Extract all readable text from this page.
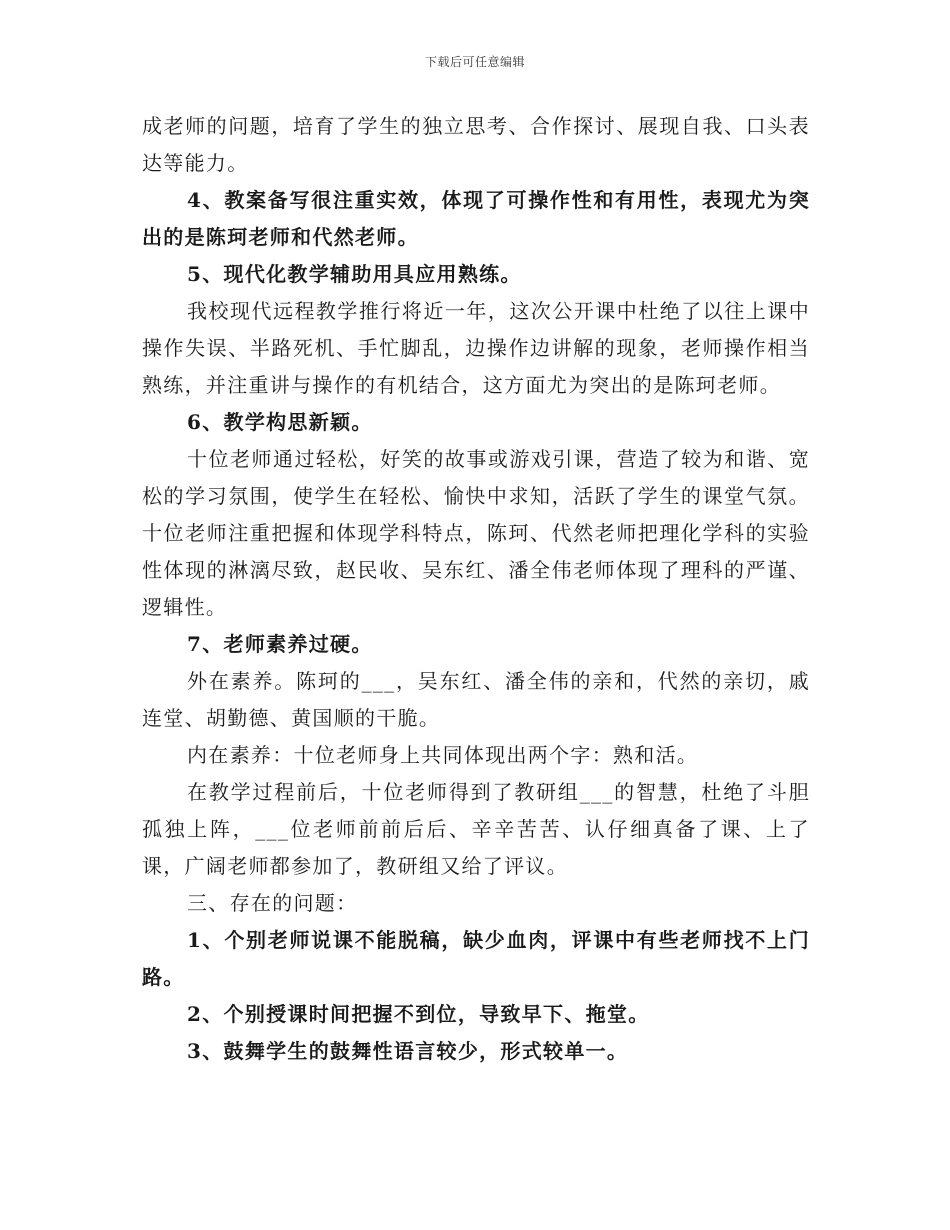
下载后可任意编辑

成老师的问题，培育了学生的独立思考、合作探讨、展现自我、口头表达等能力。

4、教案备写很注重实效，体现了可操作性和有用性，表现尤为突出的是陈珂老师和代然老师。

5、现代化教学辅助用具应用熟练。

我校现代远程教学推行将近一年，这次公开课中杜绝了以往上课中操作失误、半路死机、手忙脚乱，边操作边讲解的现象，老师操作相当熟练，并注重讲与操作的有机结合，这方面尤为突出的是陈珂老师。

6、教学构思新颖。

十位老师通过轻松，好笑的故事或游戏引课，营造了较为和谐、宽松的学习氛围，使学生在轻松、愉快中求知，活跃了学生的课堂气氛。十位老师注重把握和体现学科特点，陈珂、代然老师把理化学科的实验性体现的淋漓尽致，赵民收、吴东红、潘全伟老师体现了理科的严谨、逻辑性。

7、老师素养过硬。

外在素养。陈珂的___，吴东红、潘全伟的亲和，代然的亲切，戚连堂、胡勤德、黄国顺的干脆。

内在素养：十位老师身上共同体现出两个字：熟和活。

在教学过程前后，十位老师得到了教研组___的智慧，杜绝了斗胆孤独上阵，___位老师前前后后、辛辛苦苦、认仔细真备了课、上了课，广阔老师都参加了，教研组又给了评议。

三、存在的问题：

1、个别老师说课不能脱稿，缺少血肉，评课中有些老师找不上门路。

2、个别授课时间把握不到位，导致早下、拖堂。

3、鼓舞学生的鼓舞性语言较少，形式较单一。
